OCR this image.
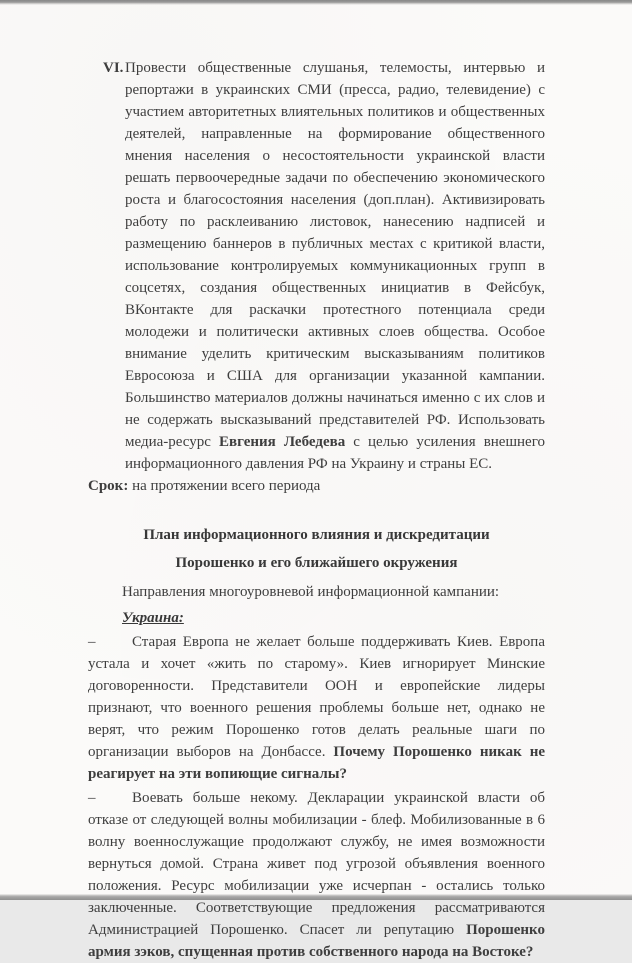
VI. Провести общественные слушанья, телемосты, интервью и репортажи в украинских СМИ (пресса, радио, телевидение) с участием авторитетных влиятельных политиков и общественных деятелей, направленные на формирование общественного мнения населения о несостоятельности украинской власти решать первоочередные задачи по обеспечению экономического роста и благосостояния населения (доп.план). Активизировать работу по расклеиванию листовок, нанесению надписей и размещению баннеров в публичных местах с критикой власти, использование контролируемых коммуникационных групп в соцсетях, создания общественных инициатив в Фейсбук, ВКонтакте для раскачки протестного потенциала среди молодежи и политически активных слоев общества. Особое внимание уделить критическим высказываниям политиков Евросоюза и США для организации указанной кампании. Большинство материалов должны начинаться именно с их слов и не содержать высказываний представителей РФ. Использовать медиа-ресурс Евгения Лебедева с целью усиления внешнего информационного давления РФ на Украину и страны ЕС.

Срок: на протяжении всего периода

План информационного влияния и дискредитации

Порошенко и его ближайшего окружения

Направления многоуровневой информационной кампании:

Украина:

– Старая Европа не желает больше поддерживать Киев. Европа устала и хочет «жить по старому». Киев игнорирует Минские договоренности. Представители ООН и европейские лидеры признают, что военного решения проблемы больше нет, однако не верят, что режим Порошенко готов делать реальные шаги по организации выборов на Донбассе. Почему Порошенко никак не реагирует на эти вопиющие сигналы?

– Воевать больше некому. Декларации украинской власти об отказе от следующей волны мобилизации - блеф. Мобилизованные в 6 волну военнослужащие продолжают службу, не имея возможности вернуться домой. Страна живет под угрозой объявления военного положения. Ресурс мобилизации уже исчерпан - остались только заключенные. Соответствующие предложения рассматриваются Администрацией Порошенко. Спасет ли репутацию Порошенко армия зэков, спущенная против собственного народа на Востоке?
